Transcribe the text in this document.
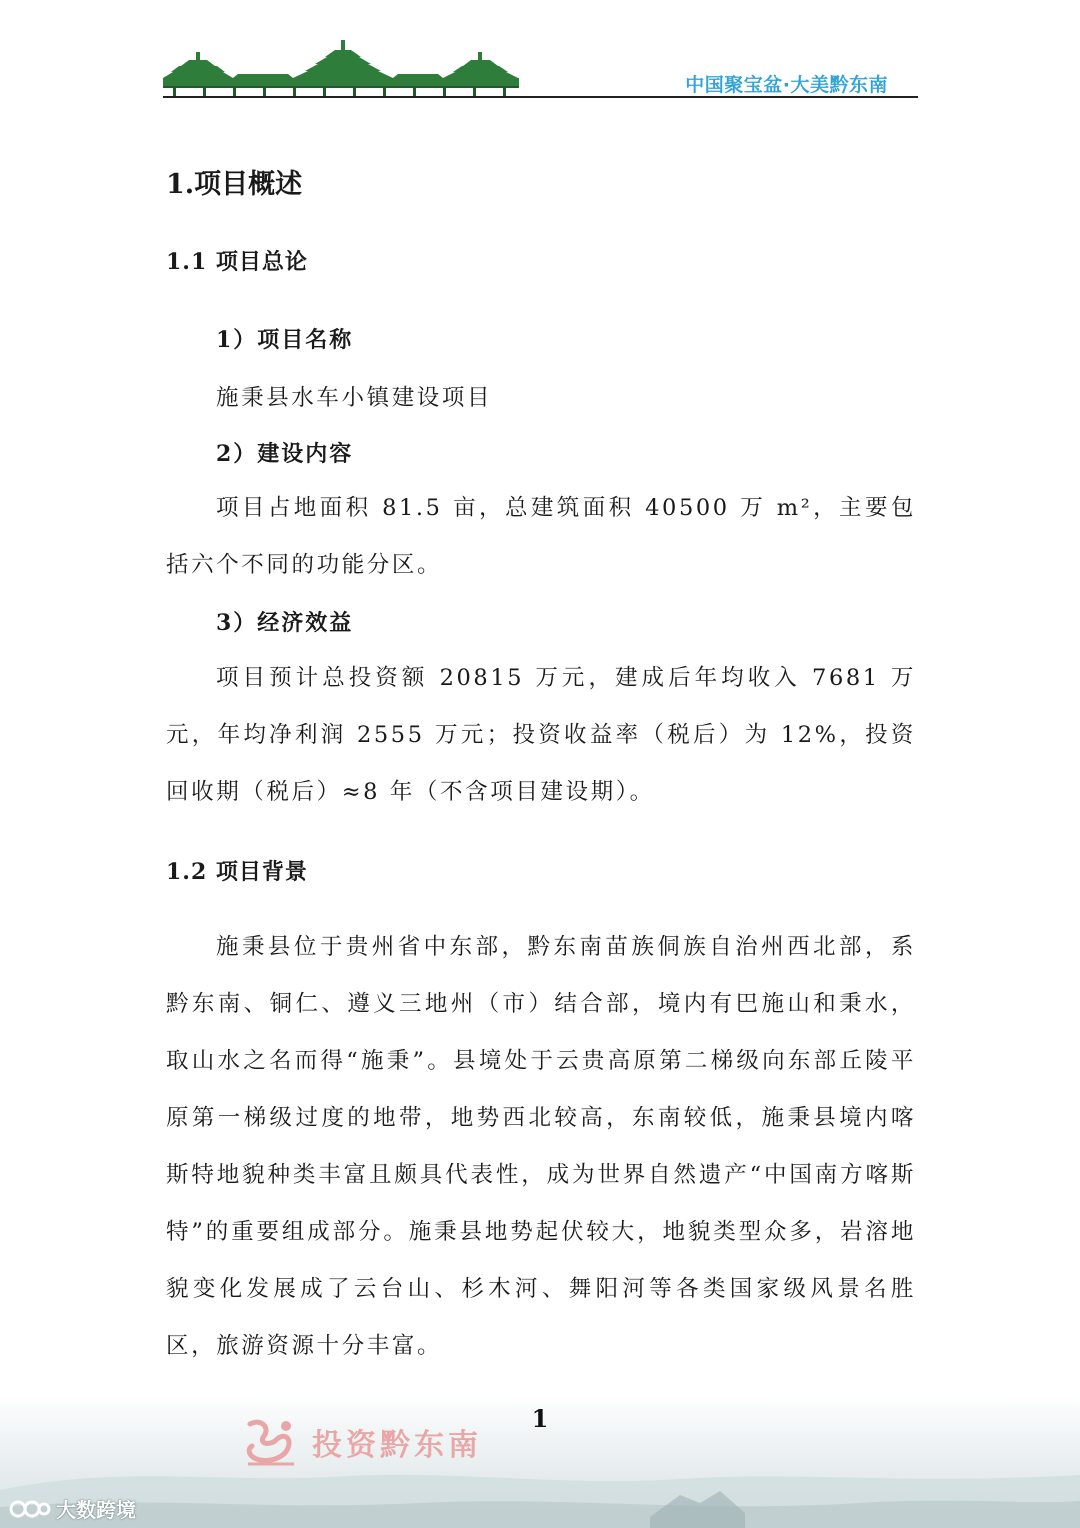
中国聚宝盆·大美黔东南
1.项目概述
1.1 项目总论
1）项目名称
施秉县水车小镇建设项目
2）建设内容
项目占地面积 81.5 亩，总建筑面积 40500 万 m²，主要包括六个不同的功能分区。
3）经济效益
项目预计总投资额 20815 万元，建成后年均收入 7681 万元，年均净利润 2555 万元；投资收益率（税后）为 12%，投资回收期（税后）≈8 年（不含项目建设期）。
1.2 项目背景
施秉县位于贵州省中东部，黔东南苗族侗族自治州西北部，系黔东南、铜仁、遵义三地州（市）结合部，境内有巴施山和秉水，取山水之名而得“施秉”。县境处于云贵高原第二梯级向东部丘陵平原第一梯级过度的地带，地势西北较高，东南较低，施秉县境内喀斯特地貌种类丰富且颇具代表性，成为世界自然遗产“中国南方喀斯特”的重要组成部分。施秉县地势起伏较大，地貌类型众多，岩溶地貌变化发展成了云台山、杉木河、舞阳河等各类国家级风景名胜区，旅游资源十分丰富。
1
投资黔东南
大数跨境
